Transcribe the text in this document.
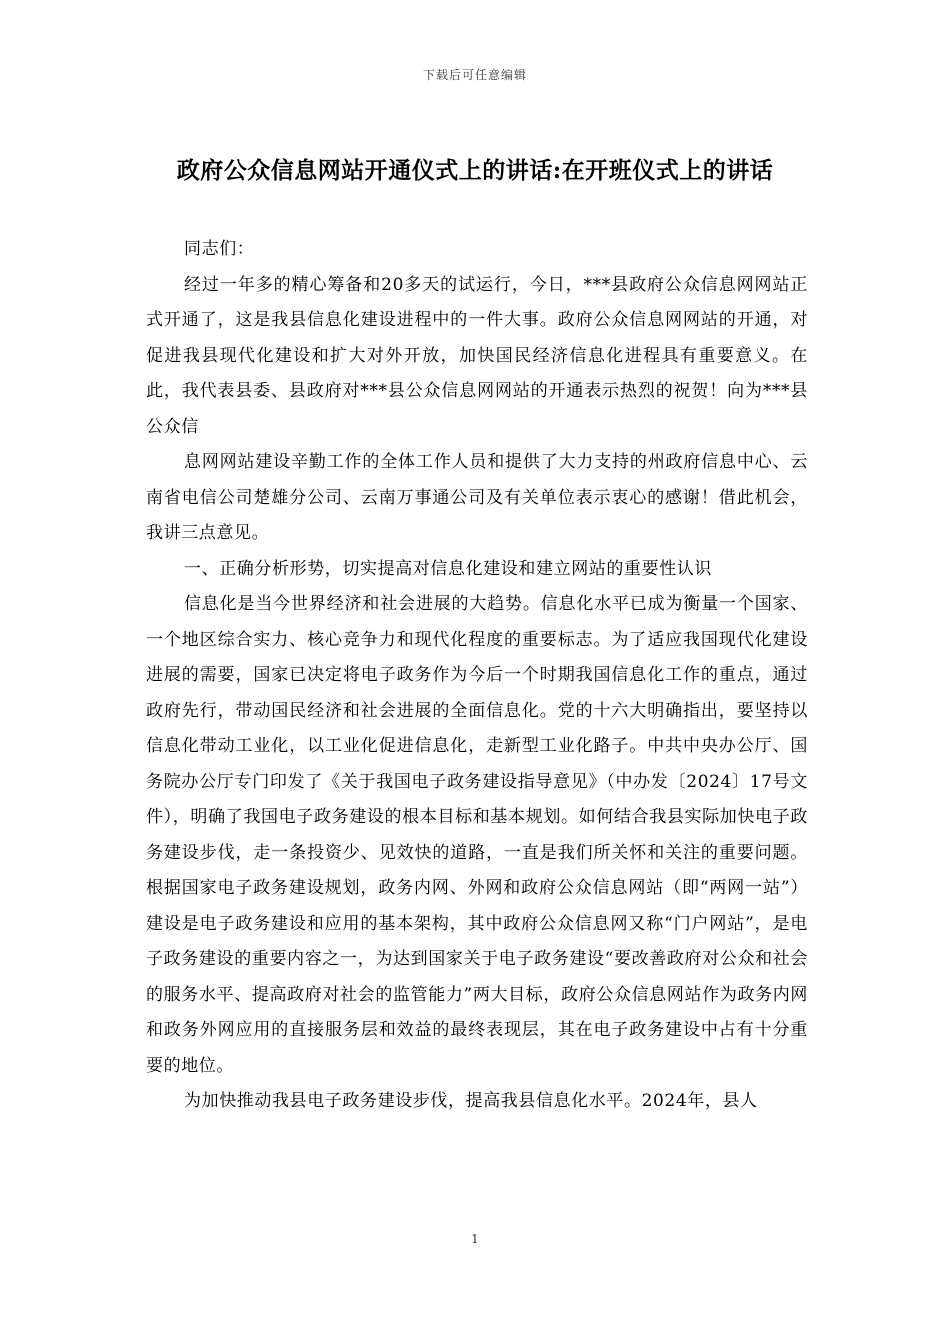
下载后可任意编辑
政府公众信息网站开通仪式上的讲话:在开班仪式上的讲话

同志们：

经过一年多的精心筹备和20多天的试运行，今日，***县政府公众信息网网站正式开通了，这是我县信息化建设进程中的一件大事。政府公众信息网网站的开通，对促进我县现代化建设和扩大对外开放，加快国民经济信息化进程具有重要意义。在此，我代表县委、县政府对***县公众信息网网站的开通表示热烈的祝贺！向为***县公众信

息网网站建设辛勤工作的全体工作人员和提供了大力支持的州政府信息中心、云南省电信公司楚雄分公司、云南万事通公司及有关单位表示衷心的感谢！借此机会，我讲三点意见。

一、正确分析形势，切实提高对信息化建设和建立网站的重要性认识

信息化是当今世界经济和社会进展的大趋势。信息化水平已成为衡量一个国家、一个地区综合实力、核心竞争力和现代化程度的重要标志。为了适应我国现代化建设进展的需要，国家已决定将电子政务作为今后一个时期我国信息化工作的重点，通过政府先行，带动国民经济和社会进展的全面信息化。党的十六大明确指出，要坚持以信息化带动工业化，以工业化促进信息化，走新型工业化路子。中共中央办公厅、国务院办公厅专门印发了《关于我国电子政务建设指导意见》（中办发〔2024〕17号文件），明确了我国电子政务建设的根本目标和基本规划。如何结合我县实际加快电子政务建设步伐，走一条投资少、见效快的道路，一直是我们所关怀和关注的重要问题。根据国家电子政务建设规划，政务内网、外网和政府公众信息网站（即“两网一站”）建设是电子政务建设和应用的基本架构，其中政府公众信息网又称“门户网站”，是电子政务建设的重要内容之一，为达到国家关于电子政务建设“要改善政府对公众和社会的服务水平、提高政府对社会的监管能力”两大目标，政府公众信息网站作为政务内网和政务外网应用的直接服务层和效益的最终表现层，其在电子政务建设中占有十分重要的地位。

为加快推动我县电子政务建设步伐，提高我县信息化水平。2024年，县人

1
